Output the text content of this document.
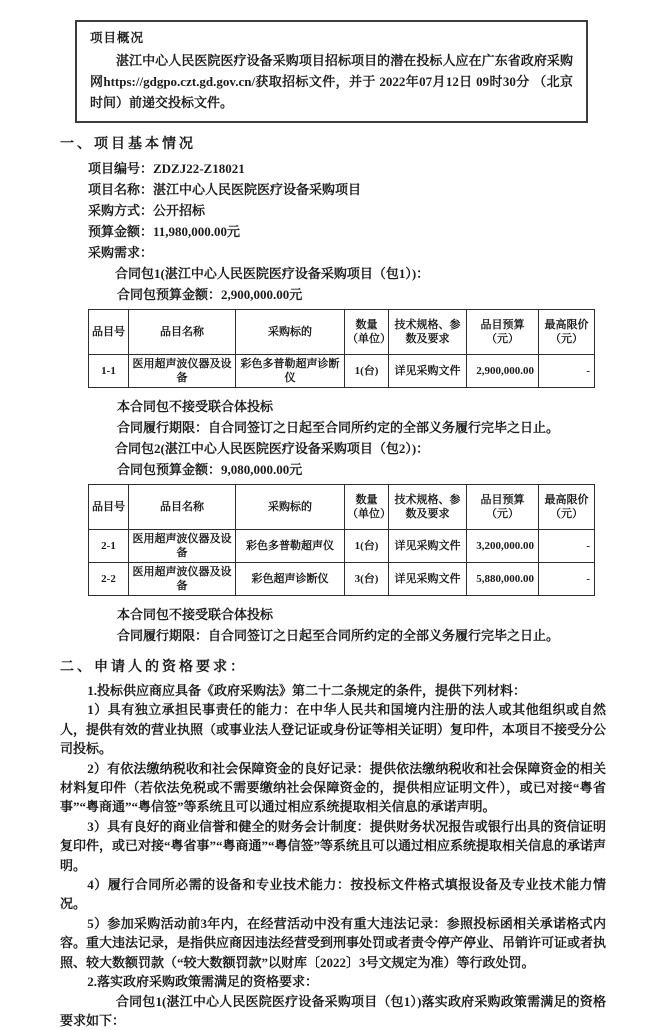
项目概况
湛江中心人民医院医疗设备采购项目招标项目的潜在投标人应在广东省政府采购网https://gdgpo.czt.gd.gov.cn/获取招标文件，并于 2022年07月12日 09时30分 （北京时间）前递交投标文件。
一、项目基本情况
项目编号：ZDZJ22-Z18021
项目名称：湛江中心人民医院医疗设备采购项目
采购方式：公开招标
预算金额：11,980,000.00元
采购需求：
合同包1(湛江中心人民医院医疗设备采购项目（包1）)：
合同包预算金额：2,900,000.00元
品目号	品目名称	采购标的	数量（单位）	技术规格、参数及要求	品目预算（元）	最高限价（元）
1-1	医用超声波仪器及设备	彩色多普勒超声诊断仪	1(台)	详见采购文件	2,900,000.00	-
本合同包不接受联合体投标
合同履行期限：自合同签订之日起至合同所约定的全部义务履行完毕之日止。
合同包2(湛江中心人民医院医疗设备采购项目（包2）)：
合同包预算金额：9,080,000.00元
品目号	品目名称	采购标的	数量（单位）	技术规格、参数及要求	品目预算（元）	最高限价（元）
2-1	医用超声波仪器及设备	彩色多普勒超声仪	1(台)	详见采购文件	3,200,000.00	-
2-2	医用超声波仪器及设备	彩色超声诊断仪	3(台)	详见采购文件	5,880,000.00	-
本合同包不接受联合体投标
合同履行期限：自合同签订之日起至合同所约定的全部义务履行完毕之日止。
二、申请人的资格要求：

1.投标供应商应具备《政府采购法》第二十二条规定的条件，提供下列材料：

1）具有独立承担民事责任的能力：在中华人民共和国境内注册的法人或其他组织或自然人，提供有效的营业执照（或事业法人登记证或身份证等相关证明）复印件，本项目不接受分公司投标。

2）有依法缴纳税收和社会保障资金的良好记录：提供依法缴纳税收和社会保障资金的相关材料复印件（若依法免税或不需要缴纳社会保障资金的，提供相应证明文件），或已对接“粤省事”“粤商通”“粤信签”等系统且可以通过相应系统提取相关信息的承诺声明。

3）具有良好的商业信誉和健全的财务会计制度：提供财务状况报告或银行出具的资信证明复印件，或已对接“粤省事”“粤商通”“粤信签”等系统且可以通过相应系统提取相关信息的承诺声明。

4）履行合同所必需的设备和专业技术能力：按投标文件格式填报设备及专业技术能力情况。

5）参加采购活动前3年内，在经营活动中没有重大违法记录：参照投标函相关承诺格式内容。重大违法记录，是指供应商因违法经营受到刑事处罚或者责令停产停业、吊销许可证或者执照、较大数额罚款（“较大数额罚款”以财库〔2022〕3号文规定为准）等行政处罚。

2.落实政府采购政策需满足的资格要求：

合同包1(湛江中心人民医院医疗设备采购项目（包1）)落实政府采购政策需满足的资格要求如下：
